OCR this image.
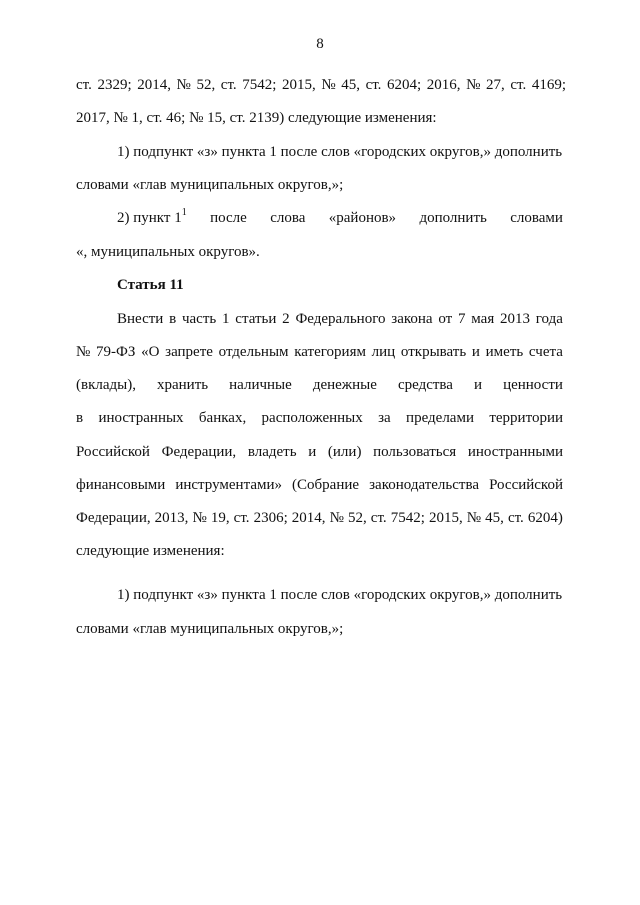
8
ст. 2329; 2014, № 52, ст. 7542; 2015, № 45, ст. 6204; 2016, № 27, ст. 4169;
2017, № 1, ст. 46; № 15, ст. 2139) следующие изменения:
1) подпункт «з» пункта 1 после слов «городских округов,» дополнить
словами «глав муниципальных округов,»;
2) пункт $1^1$ после слова «районов» дополнить словами
«, муниципальных округов».
Статья 11
Внести в часть 1 статьи 2 Федерального закона от 7 мая 2013 года
№ 79-ФЗ «О запрете отдельным категориям лиц открывать и иметь счета
(вклады), хранить наличные денежные средства и ценности
в иностранных банках, расположенных за пределами территории
Российской Федерации, владеть и (или) пользоваться иностранными
финансовыми инструментами» (Собрание законодательства Российской
Федерации, 2013, № 19, ст. 2306; 2014, № 52, ст. 7542; 2015, № 45, ст. 6204)
следующие изменения:
1) подпункт «з» пункта 1 после слов «городских округов,» дополнить
словами «глав муниципальных округов,»;
